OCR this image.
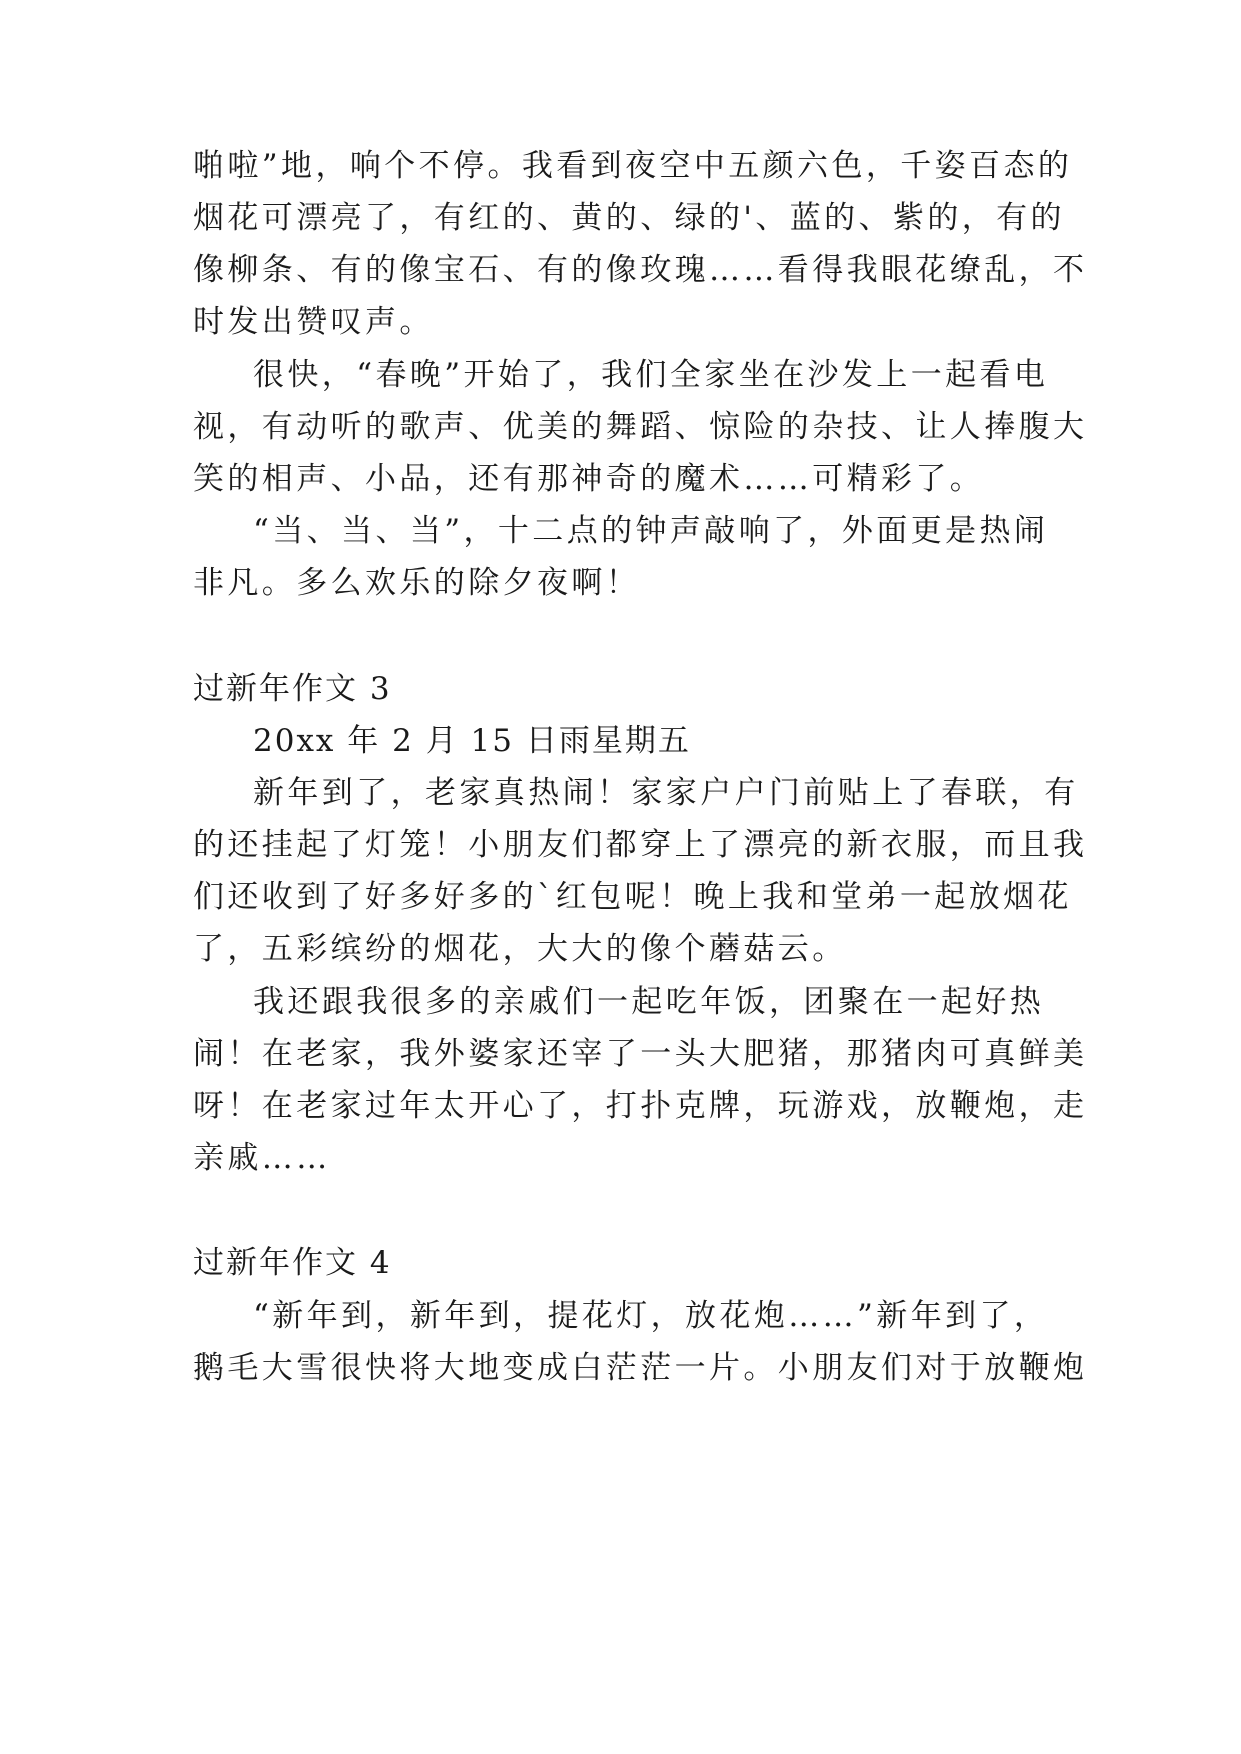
啪啦”地，响个不停。我看到夜空中五颜六色，千姿百态的
烟花可漂亮了，有红的、黄的、绿的'、蓝的、紫的，有的
像柳条、有的像宝石、有的像玫瑰……看得我眼花缭乱，不
时发出赞叹声。
很快，“春晚”开始了，我们全家坐在沙发上一起看电
视，有动听的歌声、优美的舞蹈、惊险的杂技、让人捧腹大
笑的相声、小品，还有那神奇的魔术……可精彩了。
“当、当、当”，十二点的钟声敲响了，外面更是热闹
非凡。多么欢乐的除夕夜啊！
过新年作文 3
20xx 年 2 月 15 日雨星期五
新年到了，老家真热闹！家家户户门前贴上了春联，有
的还挂起了灯笼！小朋友们都穿上了漂亮的新衣服，而且我
们还收到了好多好多的`红包呢！晚上我和堂弟一起放烟花
了，五彩缤纷的烟花，大大的像个蘑菇云。
我还跟我很多的亲戚们一起吃年饭，团聚在一起好热
闹！在老家，我外婆家还宰了一头大肥猪，那猪肉可真鲜美
呀！在老家过年太开心了，打扑克牌，玩游戏，放鞭炮，走
亲戚……
过新年作文 4
“新年到，新年到，提花灯，放花炮……”新年到了，
鹅毛大雪很快将大地变成白茫茫一片。小朋友们对于放鞭炮
